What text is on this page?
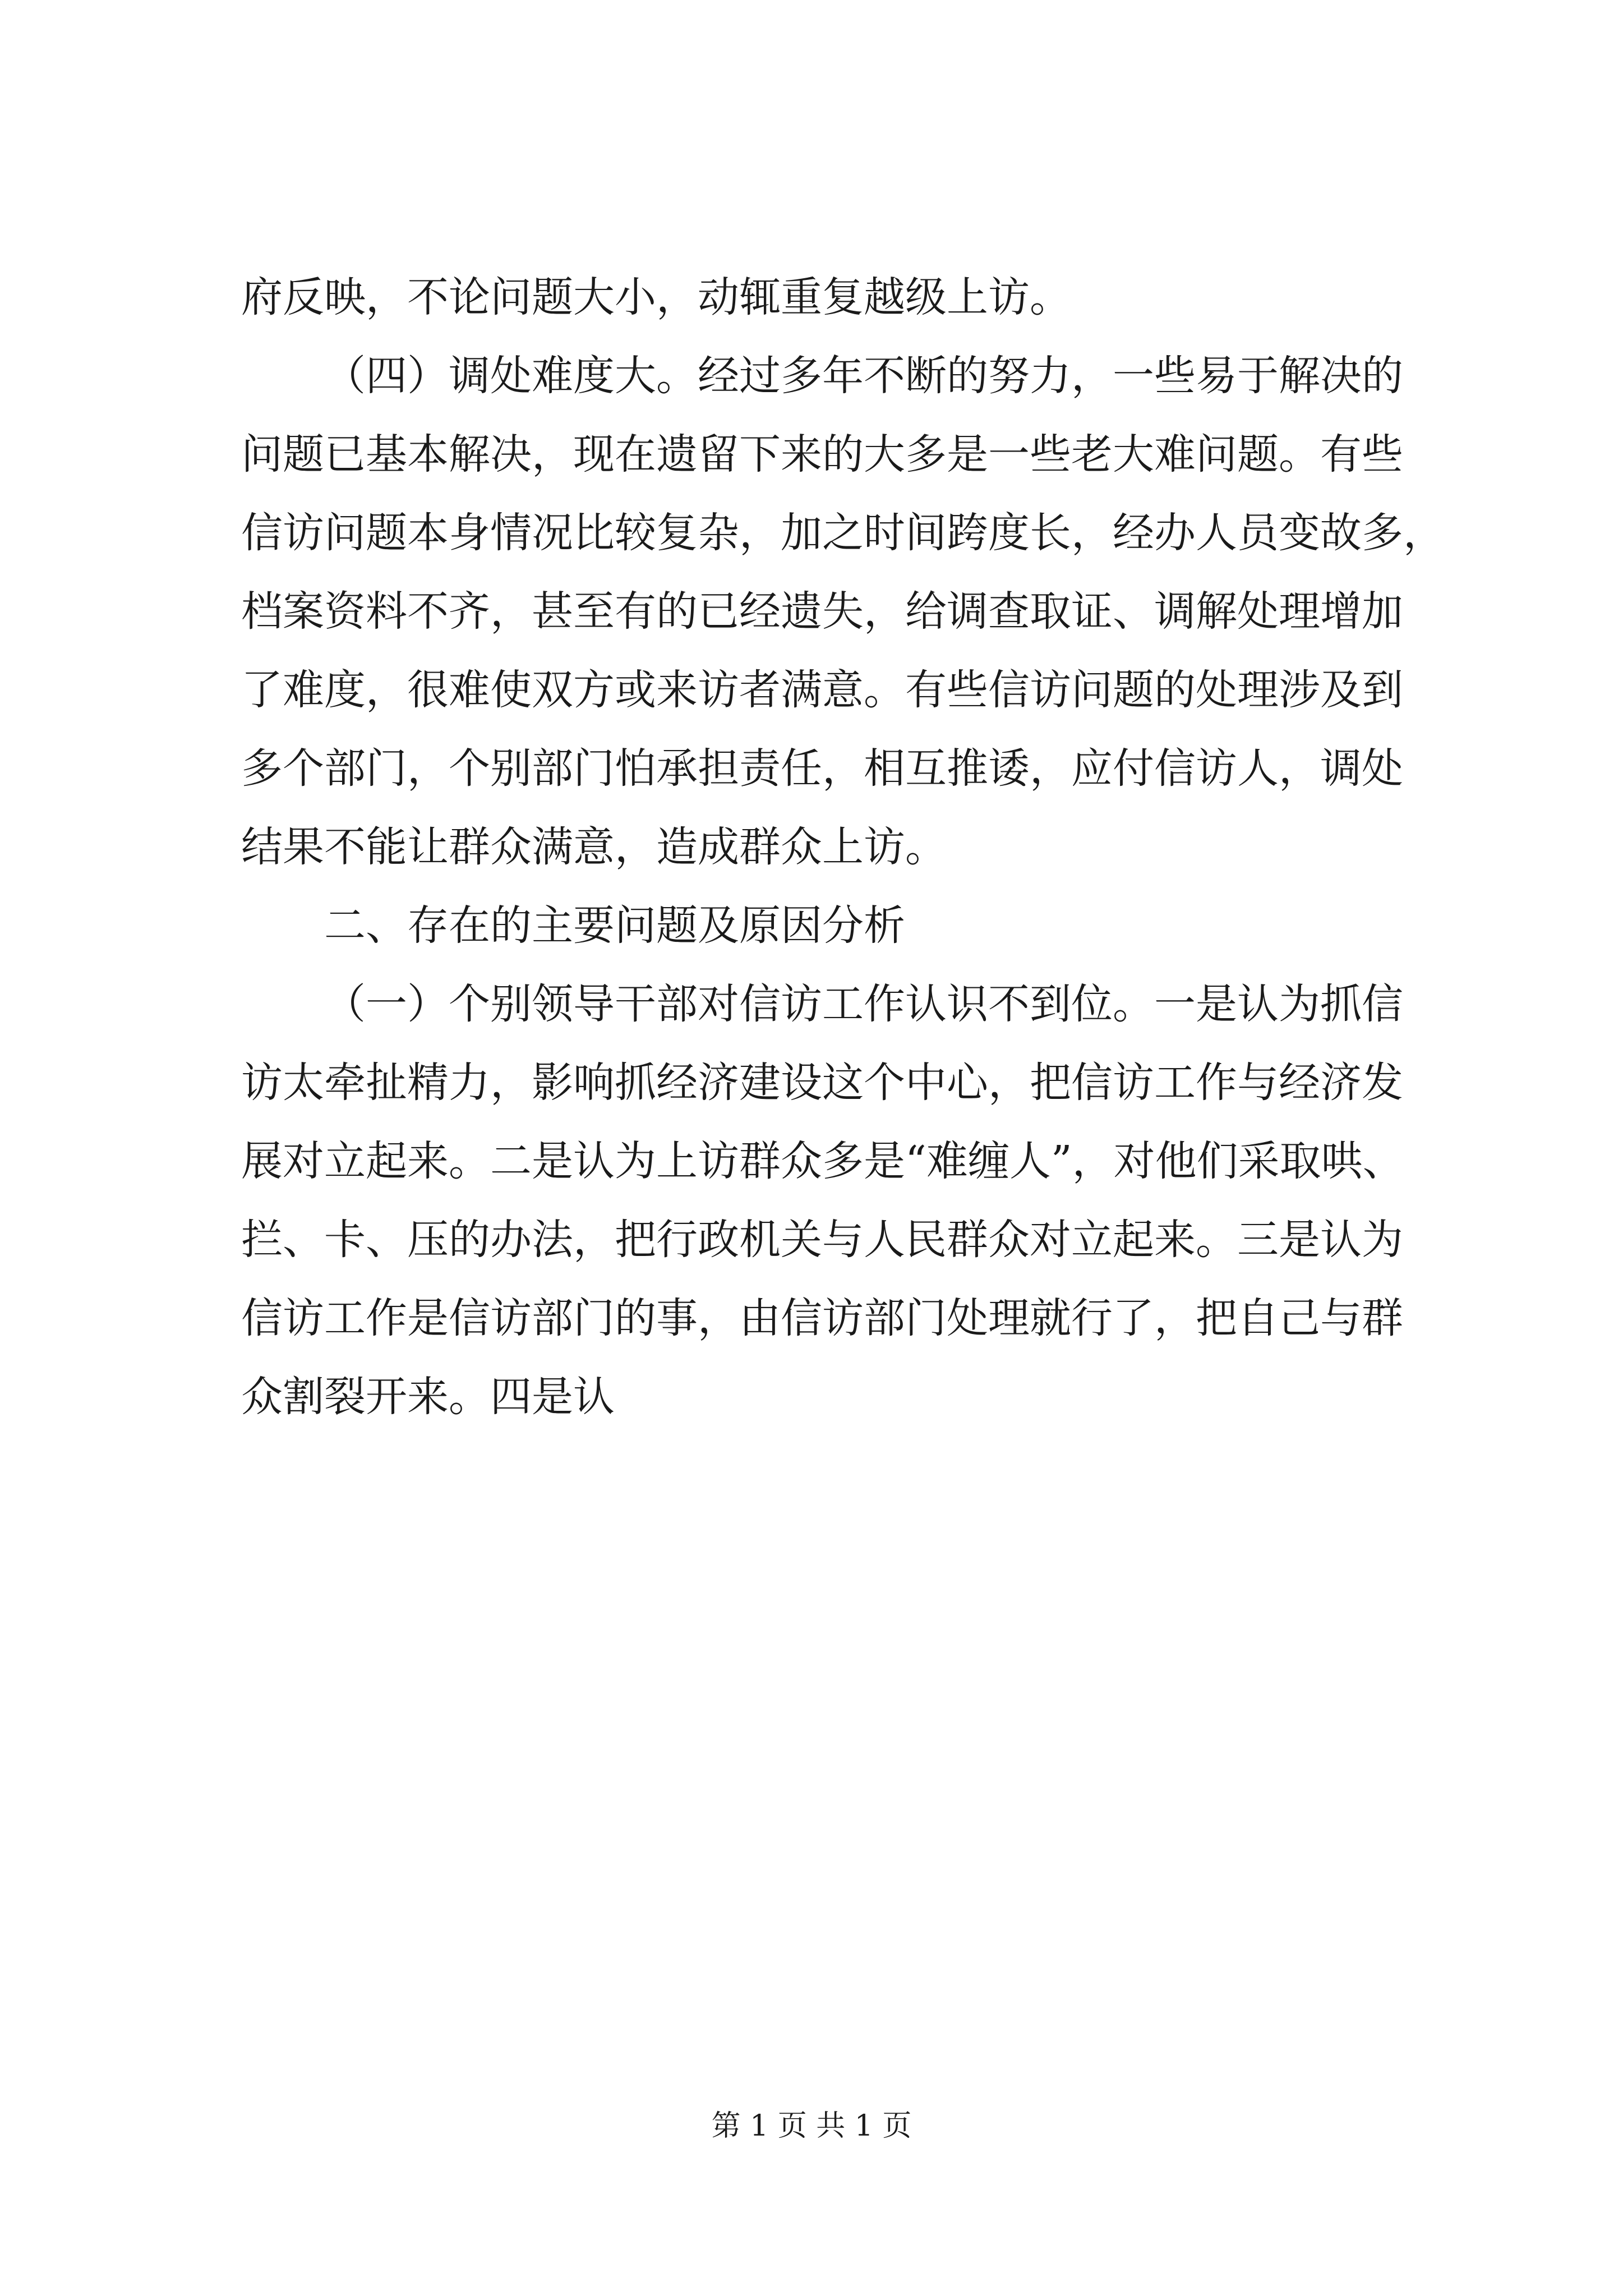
府反映，不论问题大小，动辄重复越级上访。
（四）调处难度大。经过多年不断的努力，一些易于解决的
问题已基本解决，现在遗留下来的大多是一些老大难问题。有些
信访问题本身情况比较复杂，加之时间跨度长，经办人员变故多，
档案资料不齐，甚至有的已经遗失，给调查取证、调解处理增加
了难度，很难使双方或来访者满意。有些信访问题的处理涉及到
多个部门，个别部门怕承担责任，相互推诿，应付信访人，调处
结果不能让群众满意，造成群众上访。
二、存在的主要问题及原因分析
（一）个别领导干部对信访工作认识不到位。一是认为抓信
访太牵扯精力，影响抓经济建设这个中心，把信访工作与经济发
展对立起来。二是认为上访群众多是“难缠人”，对他们采取哄、
拦、卡、压的办法，把行政机关与人民群众对立起来。三是认为
信访工作是信访部门的事，由信访部门处理就行了，把自己与群
众割裂开来。四是认
第 1 页 共 1 页
